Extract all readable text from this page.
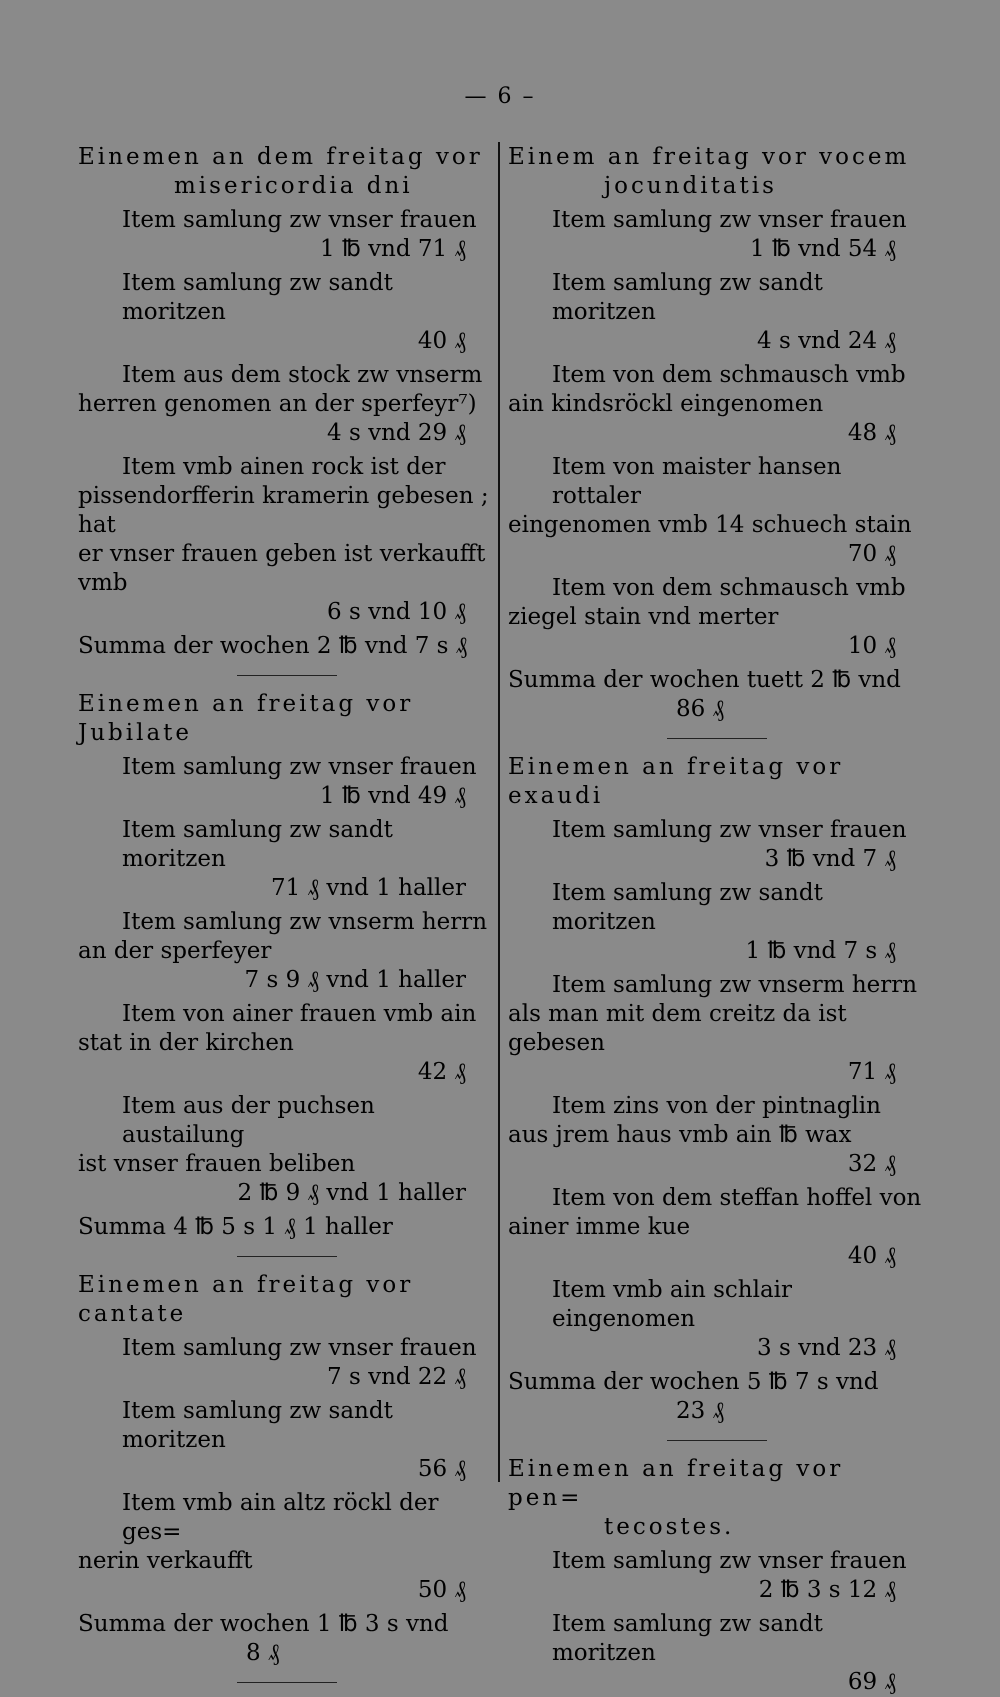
— 6 –
Einemen an dem freitag vor
misericordia dni
Item samlung zw vnser frauen
1 ℔ vnd 71 ₰
Item samlung zw sandt moritzen
40 ₰
Item aus dem stock zw vnserm
herren genomen an der sperfeyr⁷)
4 s vnd 29 ₰
Item vmb ainen rock ist der
pissendorfferin kramerin gebesen ; hat
er vnser frauen geben ist verkaufft vmb
6 s vnd 10 ₰
Summa der wochen 2 ℔ vnd 7 s ₰
Einemen an freitag vor Jubilate
Item samlung zw vnser frauen
1 ℔ vnd 49 ₰
Item samlung zw sandt moritzen
71 ₰ vnd 1 haller
Item samlung zw vnserm herrn
an der sperfeyer
7 s 9 ₰ vnd 1 haller
Item von ainer frauen vmb ain
stat in der kirchen
42 ₰
Item aus der puchsen austailung
ist vnser frauen beliben
2 ℔ 9 ₰ vnd 1 haller
Summa 4 ℔ 5 s 1 ₰ 1 haller
Einemen an freitag vor cantate
Item samlung zw vnser frauen
7 s vnd 22 ₰
Item samlung zw sandt moritzen
56 ₰
Item vmb ain altz röckl der ges=
nerin verkaufft
50 ₰
Summa der wochen 1 ℔ 3 s vnd
8 ₰
Einem an freitag vor vocem
jocunditatis
Item samlung zw vnser frauen
1 ℔ vnd 54 ₰
Item samlung zw sandt moritzen
4 s vnd 24 ₰
Item von dem schmausch vmb
ain kindsröckl eingenomen
48 ₰
Item von maister hansen rottaler
eingenomen vmb 14 schuech stain
70 ₰
Item von dem schmausch vmb
ziegel stain vnd merter
10 ₰
Summa der wochen tuett 2 ℔ vnd
86 ₰
Einemen an freitag vor exaudi
Item samlung zw vnser frauen
3 ℔ vnd 7 ₰
Item samlung zw sandt moritzen
1 ℔ vnd 7 s ₰
Item samlung zw vnserm herrn
als man mit dem creitz da ist gebesen
71 ₰
Item zins von der pintnaglin
aus jrem haus vmb ain ℔ wax
32 ₰
Item von dem steffan hoffel von
ainer imme kue
40 ₰
Item vmb ain schlair eingenomen
3 s vnd 23 ₰
Summa der wochen 5 ℔ 7 s vnd
23 ₰
Einemen an freitag vor pen=
tecostes.
Item samlung zw vnser frauen
2 ℔ 3 s 12 ₰
Item samlung zw sandt moritzen
69 ₰
